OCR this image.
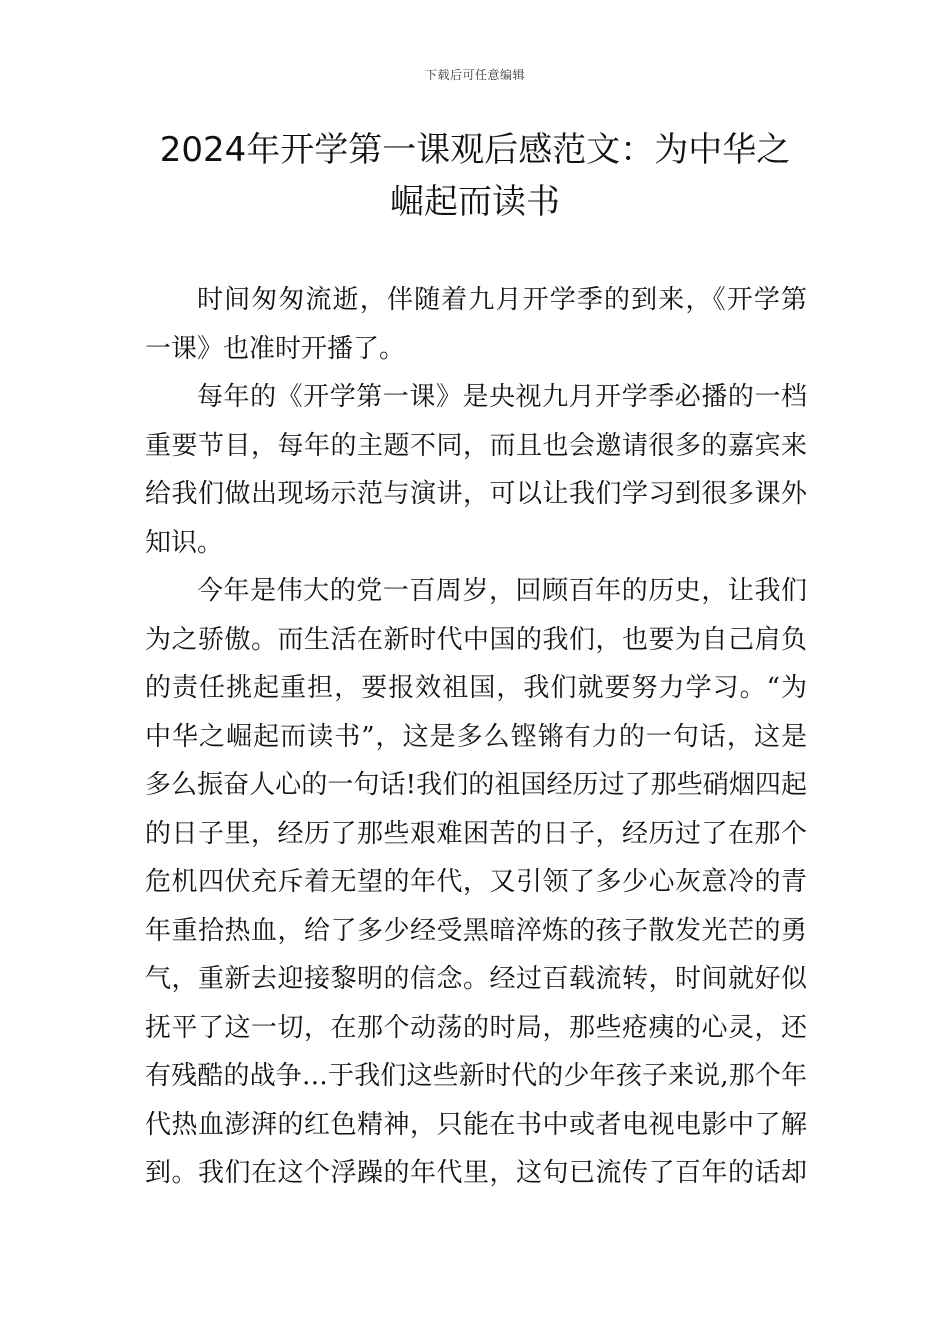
下载后可任意编辑
2024年开学第一课观后感范文：为中华之
崛起而读书
时间匆匆流逝，伴随着九月开学季的到来，《开学第
一课》也准时开播了。
每年的《开学第一课》是央视九月开学季必播的一档
重要节目，每年的主题不同，而且也会邀请很多的嘉宾来
给我们做出现场示范与演讲，可以让我们学习到很多课外
知识。
今年是伟大的党一百周岁，回顾百年的历史，让我们
为之骄傲。而生活在新时代中国的我们，也要为自己肩负
的责任挑起重担，要报效祖国，我们就要努力学习。“为
中华之崛起而读书”，这是多么铿锵有力的一句话，这是
多么振奋人心的一句话!我们的祖国经历过了那些硝烟四起
的日子里，经历了那些艰难困苦的日子，经历过了在那个
危机四伏充斥着无望的年代，又引领了多少心灰意冷的青
年重拾热血，给了多少经受黑暗淬炼的孩子散发光芒的勇
气，重新去迎接黎明的信念。经过百载流转，时间就好似
抚平了这一切，在那个动荡的时局，那些疮痍的心灵，还
有残酷的战争…于我们这些新时代的少年孩子来说,那个年
代热血澎湃的红色精神，只能在书中或者电视电影中了解
到。我们在这个浮躁的年代里，这句已流传了百年的话却
